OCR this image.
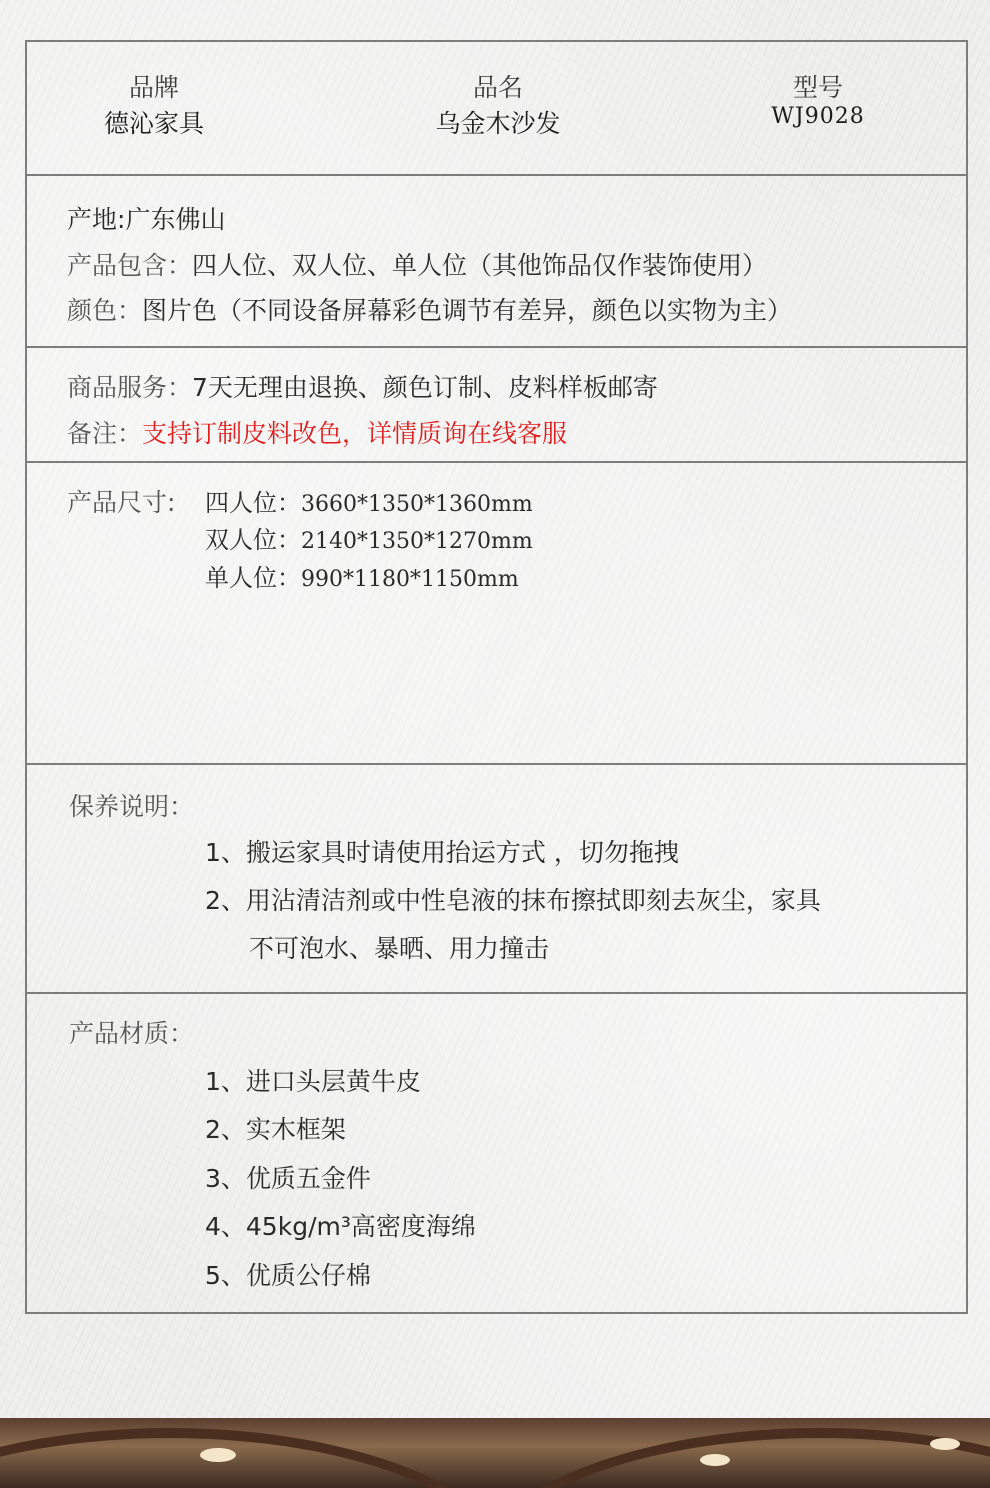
品牌
德沁家具
品名
乌金木沙发
型号
WJ9028
产地:广东佛山
产品包含：四人位、双人位、单人位（其他饰品仅作装饰使用）
颜色：图片色（不同设备屏幕彩色调节有差异，颜色以实物为主）
商品服务：7天无理由退换、颜色订制、皮料样板邮寄
备注：支持订制皮料改色，详情质询在线客服
产品尺寸: 四人位：3660*1350*1360mm
双人位：2140*1350*1270mm
单人位：990*1180*1150mm
保养说明：
1、搬运家具时请使用抬运方式 ，切勿拖拽
2、用沾清洁剂或中性皂液的抹布擦拭即刻去灰尘，家具
不可泡水、暴晒、用力撞击
产品材质：
1、进口头层黄牛皮
2、实木框架
3、优质五金件
4、45kg/m³高密度海绵
5、优质公仔棉
